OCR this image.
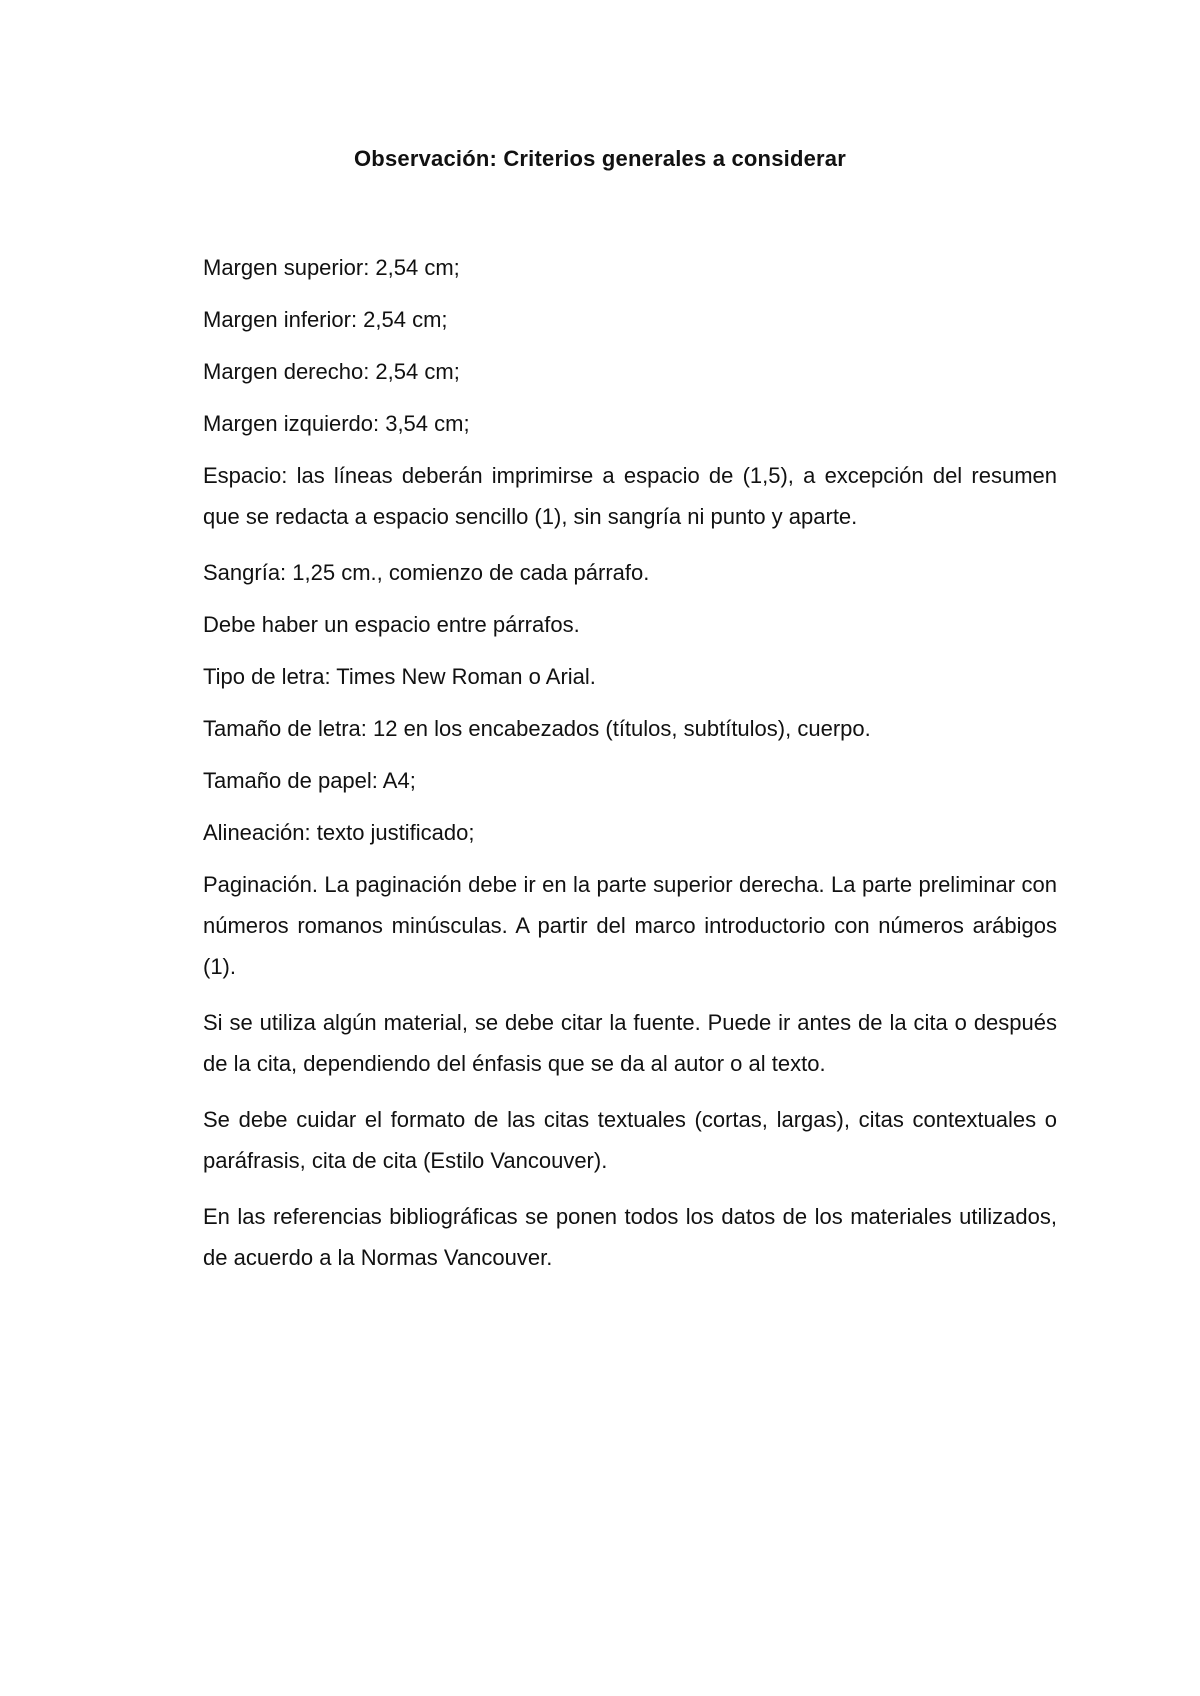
Observación: Criterios generales a considerar

Margen superior: 2,54 cm;

Margen inferior: 2,54 cm;

Margen derecho: 2,54 cm;

Margen izquierdo: 3,54 cm;

Espacio: las líneas deberán imprimirse a espacio de (1,5), a excepción del resumen que se redacta a espacio sencillo (1), sin sangría ni punto y aparte.

Sangría: 1,25 cm., comienzo de cada párrafo.

Debe haber un espacio entre párrafos.

Tipo de letra: Times New Roman o Arial.

Tamaño de letra: 12 en los encabezados (títulos, subtítulos), cuerpo.

Tamaño de papel: A4;

Alineación: texto justificado;

Paginación. La paginación debe ir en la parte superior derecha. La parte preliminar con números romanos minúsculas. A partir del marco introductorio con números arábigos (1).

Si se utiliza algún material, se debe citar la fuente. Puede ir antes de la cita o después de la cita, dependiendo del énfasis que se da al autor o al texto.

Se debe cuidar el formato de las citas textuales (cortas, largas), citas contextuales o paráfrasis, cita de cita (Estilo Vancouver).

En las referencias bibliográficas se ponen todos los datos de los materiales utilizados, de acuerdo a la Normas Vancouver.
